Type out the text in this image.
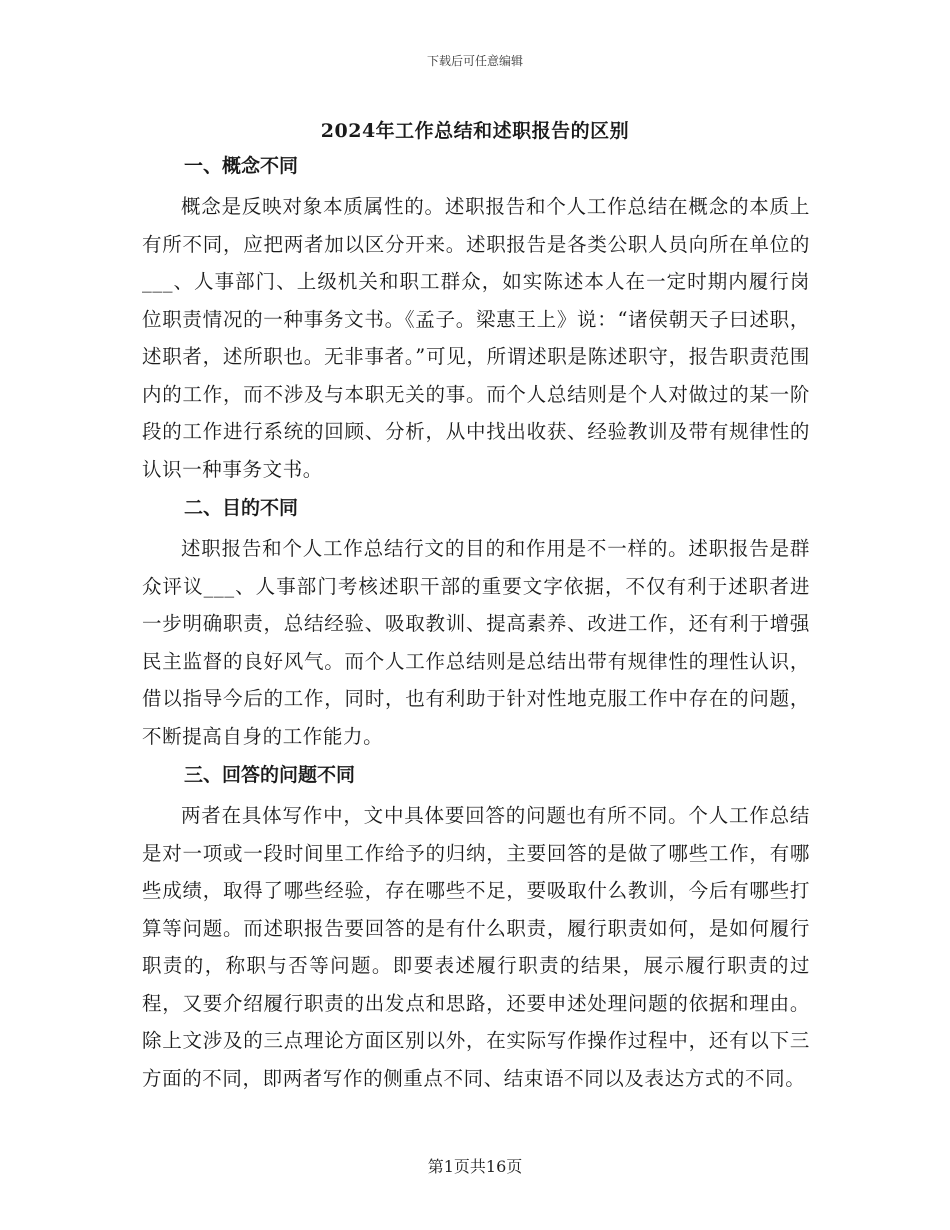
下载后可任意编辑
2024年工作总结和述职报告的区别
一、概念不同

概念是反映对象本质属性的。述职报告和个人工作总结在概念的本质上有所不同，应把两者加以区分开来。述职报告是各类公职人员向所在单位的___、人事部门、上级机关和职工群众，如实陈述本人在一定时期内履行岗位职责情况的一种事务文书。《孟子。梁惠王上》说：“诸侯朝天子曰述职，述职者，述所职也。无非事者。”可见，所谓述职是陈述职守，报告职责范围内的工作，而不涉及与本职无关的事。而个人总结则是个人对做过的某一阶段的工作进行系统的回顾、分析，从中找出收获、经验教训及带有规律性的认识一种事务文书。

二、目的不同

述职报告和个人工作总结行文的目的和作用是不一样的。述职报告是群众评议___、人事部门考核述职干部的重要文字依据，不仅有利于述职者进一步明确职责，总结经验、吸取教训、提高素养、改进工作，还有利于增强民主监督的良好风气。而个人工作总结则是总结出带有规律性的理性认识，借以指导今后的工作，同时，也有利助于针对性地克服工作中存在的问题，不断提高自身的工作能力。

三、回答的问题不同

两者在具体写作中，文中具体要回答的问题也有所不同。个人工作总结是对一项或一段时间里工作给予的归纳，主要回答的是做了哪些工作，有哪些成绩，取得了哪些经验，存在哪些不足，要吸取什么教训，今后有哪些打算等问题。而述职报告要回答的是有什么职责，履行职责如何，是如何履行职责的，称职与否等问题。即要表述履行职责的结果，展示履行职责的过程，又要介绍履行职责的出发点和思路，还要申述处理问题的依据和理由。除上文涉及的三点理论方面区别以外，在实际写作操作过程中，还有以下三方面的不同，即两者写作的侧重点不同、结束语不同以及表达方式的不同。

第1页共16页
